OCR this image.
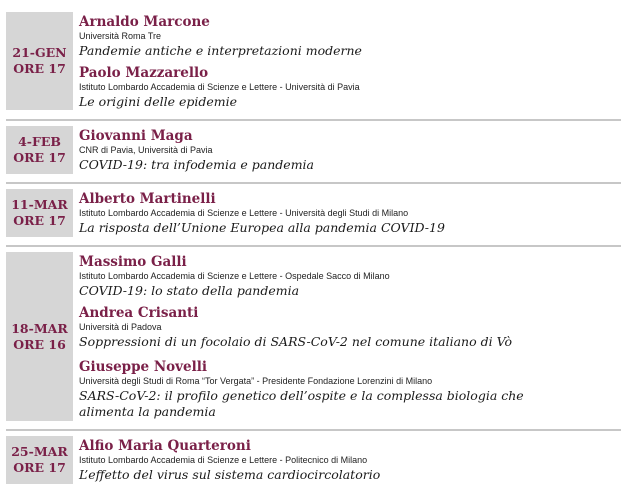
21-GEN
ORE 17
Arnaldo Marcone
Università Roma Tre
Pandemie antiche e interpretazioni moderne
Paolo Mazzarello
Istituto Lombardo Accademia di Scienze e Lettere - Università di Pavia
Le origini delle epidemie
4-FEB
ORE 17
Giovanni Maga
CNR di Pavia, Università di Pavia
COVID-19: tra infodemia e pandemia
11-MAR
ORE 17
Alberto Martinelli
Istituto Lombardo Accademia di Scienze e Lettere - Università degli Studi di Milano
La risposta dell’Unione Europea alla pandemia COVID-19
18-MAR
ORE 16
Massimo Galli
Istituto Lombardo Accademia di Scienze e Lettere - Ospedale Sacco di Milano
COVID-19: lo stato della pandemia
Andrea Crisanti
Università di Padova
Soppressioni di un focolaio di SARS-CoV-2 nel comune italiano di Vò
Giuseppe Novelli
Università degli Studi di Roma “Tor Vergata” - Presidente Fondazione Lorenzini di Milano
SARS-CoV-2: il profilo genetico dell’ospite e la complessa biologia che alimenta la pandemia
25-MAR
ORE 17
Alfio Maria Quarteroni
Istituto Lombardo Accademia di Scienze e Lettere - Politecnico di Milano
L’effetto del virus sul sistema cardiocircolatorio
